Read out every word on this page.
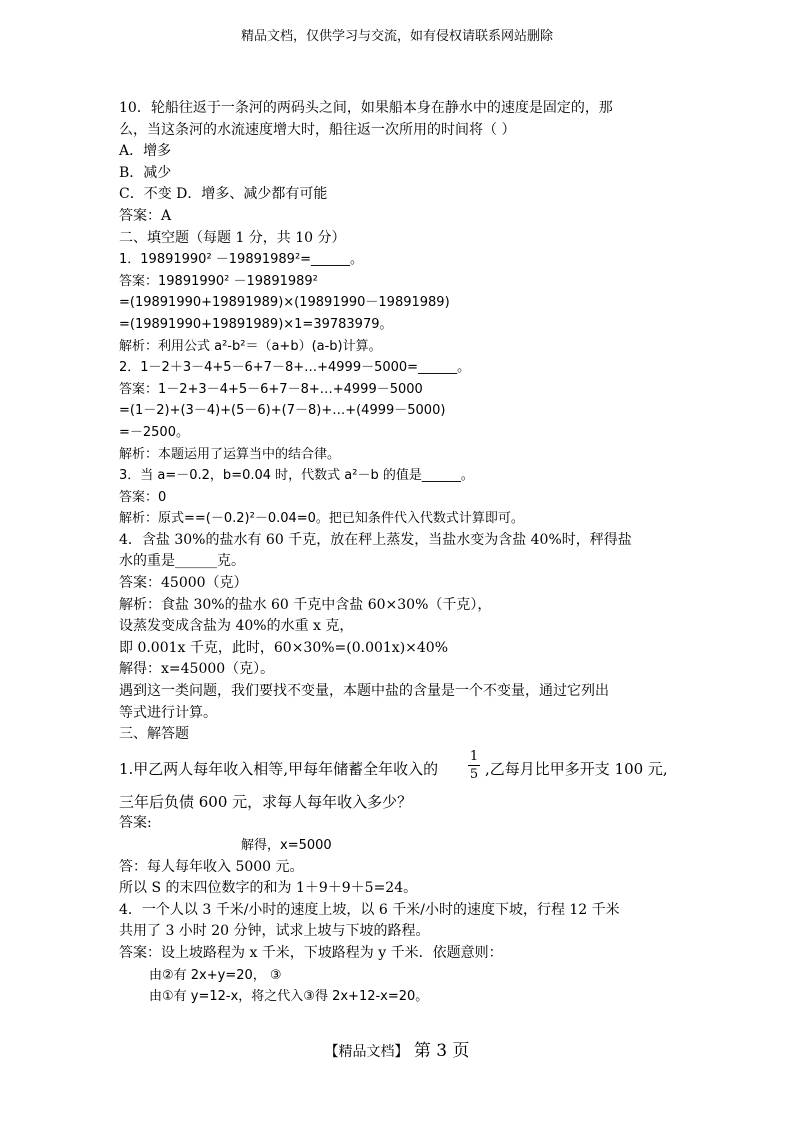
精品文档，仅供学习与交流，如有侵权请联系网站删除
10．轮船往返于一条河的两码头之间，如果船本身在静水中的速度是固定的，那
么，当这条河的水流速度增大时，船往返一次所用的时间将（ ）
A．增多
B．减少
C．不变 D．增多、减少都有可能
答案：A
二、填空题（每题 1 分，共 10 分）
1．19891990² －19891989²=______。
答案：19891990² －19891989²
=(19891990+19891989)×(19891990－19891989)
=(19891990+19891989)×1=39783979。
解析：利用公式 a²-b²＝（a+b）(a-b)计算。
2．1－2＋3－4+5－6+7－8+…+4999－5000=______。
答案：1－2+3－4+5－6+7－8+…+4999－5000
=(1－2)+(3－4)+(5－6)+(7－8)+…+(4999－5000)
=－2500。
解析：本题运用了运算当中的结合律。
3．当 a=－0.2，b=0.04 时，代数式 a²－b 的值是______。
答案：0
解析：原式==(－0.2)²－0.04=0。把已知条件代入代数式计算即可。
4．含盐 30%的盐水有 60 千克，放在秤上蒸发，当盐水变为含盐 40%时，秤得盐
水的重是______克。
答案：45000（克）
解析：食盐 30%的盐水 60 千克中含盐 60×30%（千克），
设蒸发变成含盐为 40%的水重 x 克，
即 0.001x 千克，此时，60×30%=(0.001x)×40%
解得：x=45000（克）。
遇到这一类问题，我们要找不变量，本题中盐的含量是一个不变量，通过它列出
等式进行计算。
三、解答题
1.甲乙两人每年收入相等,甲每年储蓄全年收入的 $\frac{1}{5}$ ,乙每月比甲多开支 100 元,
三年后负债 600 元，求每人每年收入多少？
答案:
解得，x=5000
答：每人每年收入 5000 元。
所以 S 的末四位数字的和为 1＋9＋9＋5=24。
4．一个人以 3 千米/小时的速度上坡，以 6 千米/小时的速度下坡，行程 12 千米
共用了 3 小时 20 分钟，试求上坡与下坡的路程。
答案：设上坡路程为 x 千米，下坡路程为 y 千米．依题意则：
由②有 2x+y=20， ③
由①有 y=12-x，将之代入③得 2x+12-x=20。
【精品文档】 第 3 页
